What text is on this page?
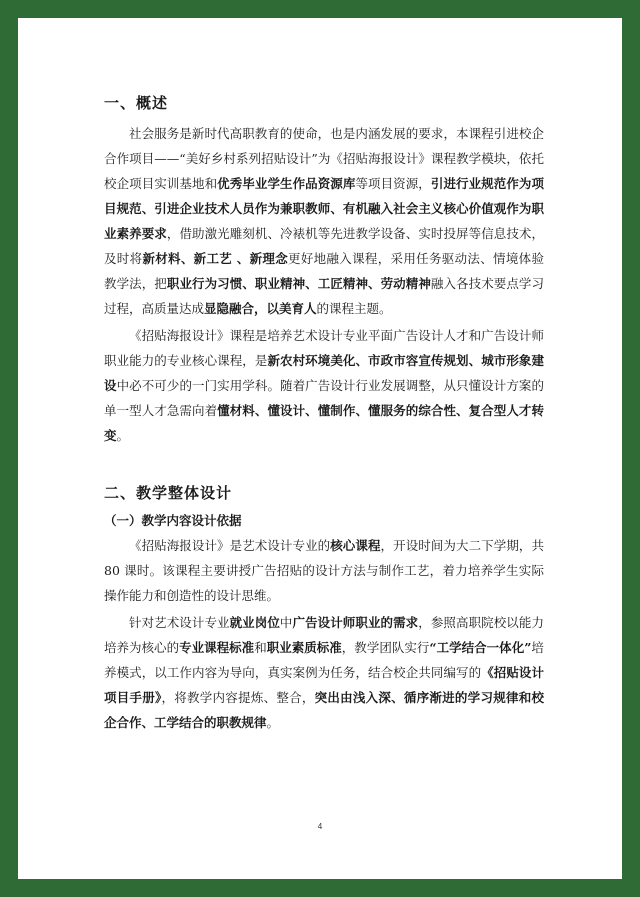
一、概述

社会服务是新时代高职教育的使命，也是内涵发展的要求，本课程引进校企合作项目——“美好乡村系列招贴设计”为《招贴海报设计》课程教学模块，依托校企项目实训基地和优秀毕业学生作品资源库等项目资源，引进行业规范作为项目规范、引进企业技术人员作为兼职教师、有机融入社会主义核心价值观作为职业素养要求，借助激光雕刻机、冷裱机等先进教学设备、实时投屏等信息技术，及时将新材料、新工艺 、新理念更好地融入课程，采用任务驱动法、情境体验教学法，把职业行为习惯、职业精神、工匠精神、劳动精神融入各技术要点学习过程，高质量达成显隐融合，以美育人的课程主题。

《招贴海报设计》课程是培养艺术设计专业平面广告设计人才和广告设计师职业能力的专业核心课程，是新农村环境美化、市政市容宣传规划、城市形象建设中必不可少的一门实用学科。随着广告设计行业发展调整，从只懂设计方案的单一型人才急需向着懂材料、懂设计、懂制作、懂服务的综合性、复合型人才转变。

二、教学整体设计
（一）教学内容设计依据

《招贴海报设计》是艺术设计专业的核心课程，开设时间为大二下学期，共 80 课时。该课程主要讲授广告招贴的设计方法与制作工艺，着力培养学生实际操作能力和创造性的设计思维。

针对艺术设计专业就业岗位中广告设计师职业的需求，参照高职院校以能力培养为核心的专业课程标准和职业素质标准，教学团队实行“工学结合一体化”培养模式，以工作内容为导向，真实案例为任务，结合校企共同编写的《招贴设计项目手册》，将教学内容提炼、整合，突出由浅入深、循序渐进的学习规律和校企合作、工学结合的职教规律。

4
